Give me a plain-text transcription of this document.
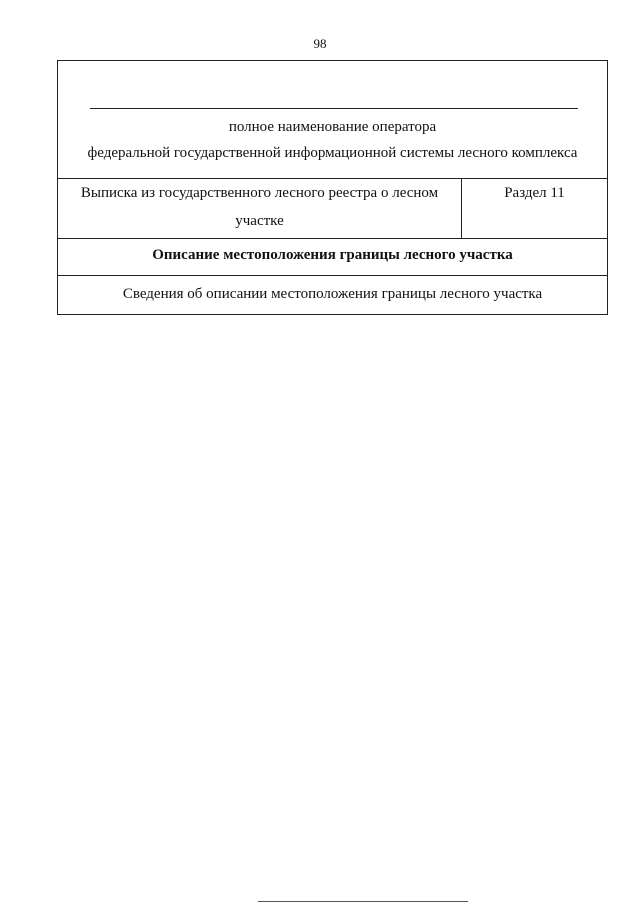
98
полное наименование оператора
федеральной государственной информационной системы лесного комплекса
Выписка из государственного лесного реестра о лесном
участке
Раздел 11
Описание местоположения границы лесного участка
Сведения об описании местоположения границы лесного участка
